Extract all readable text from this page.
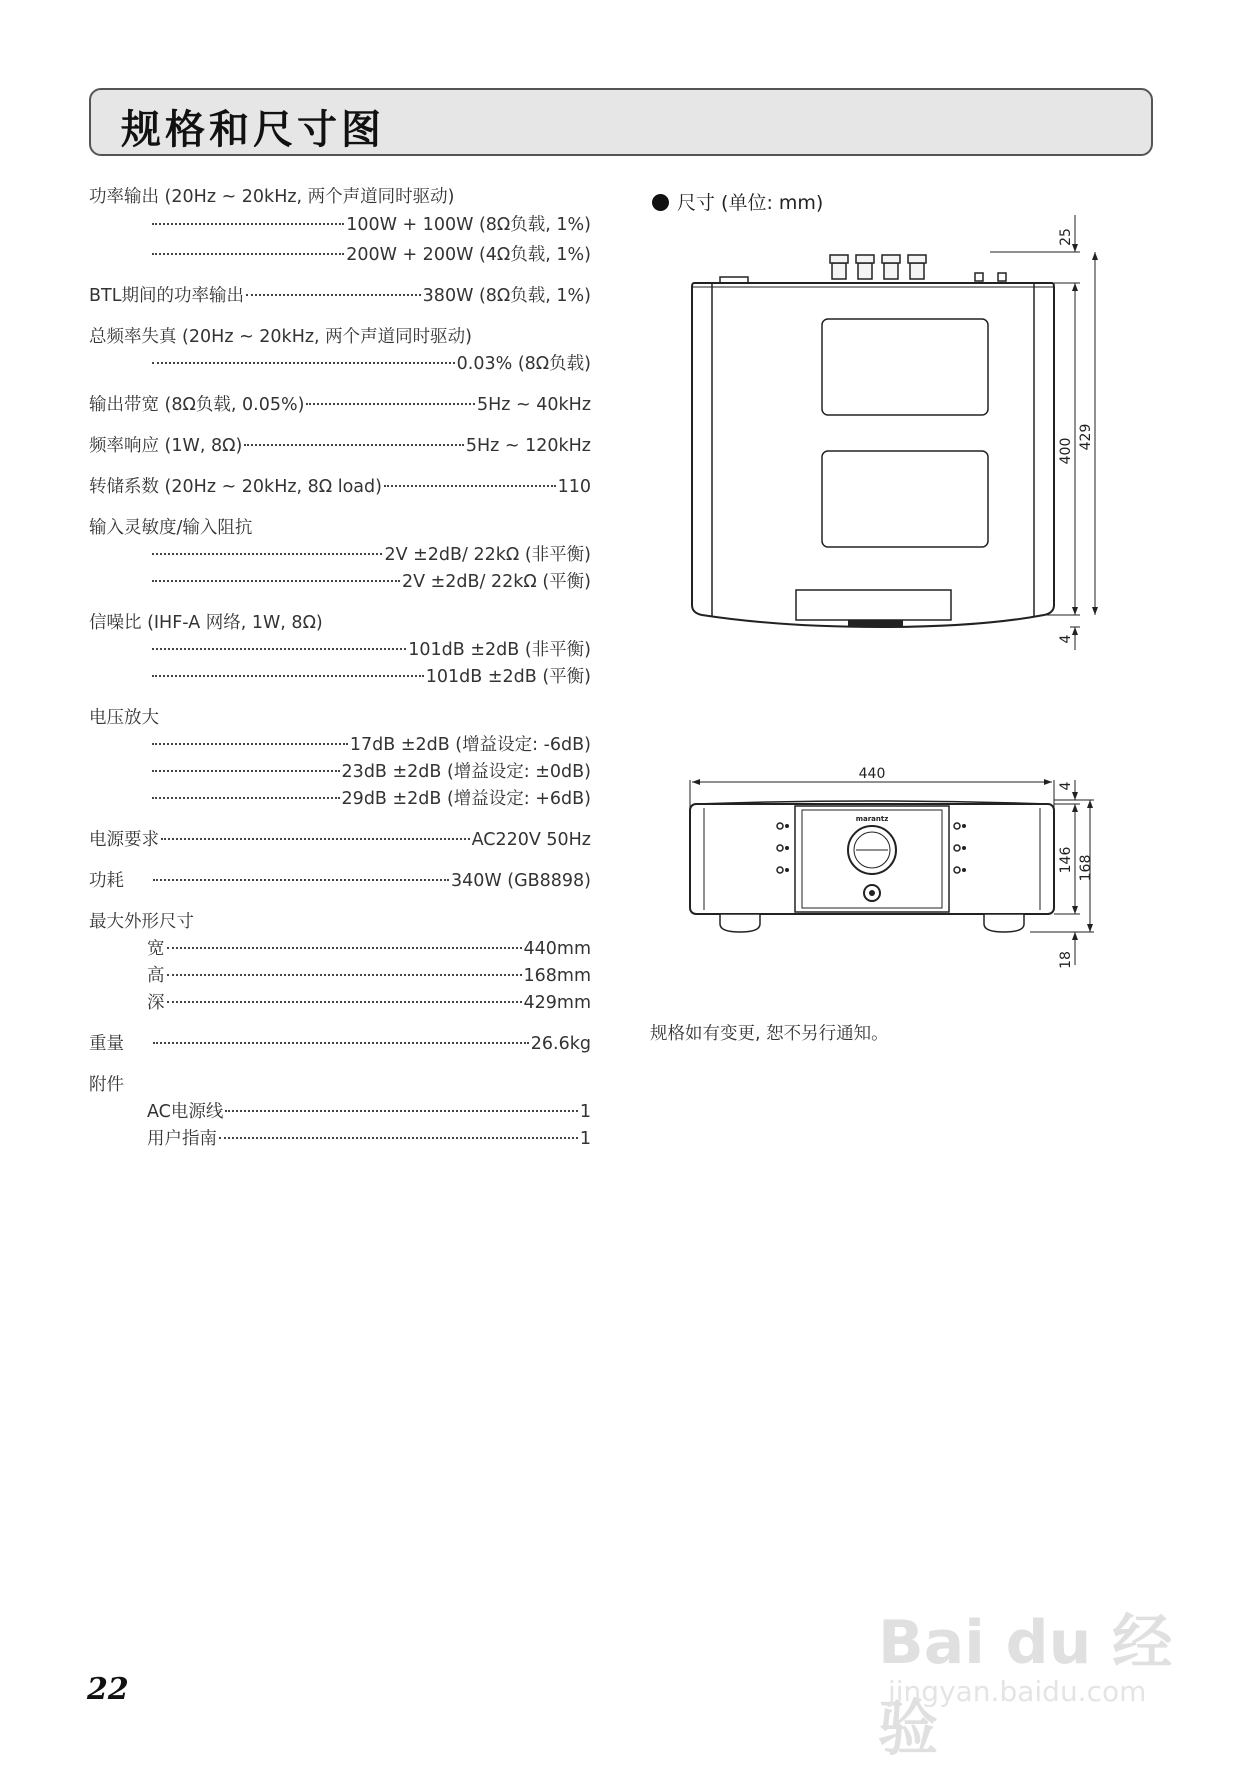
规格和尺寸图
功率输出 (20Hz ~ 20kHz, 两个声道同时驱动)
100W + 100W (8Ω负载, 1%)
200W + 200W (4Ω负载, 1%)
BTL期间的功率输出	380W (8Ω负载, 1%)
总频率失真 (20Hz ~ 20kHz, 两个声道同时驱动)
0.03% (8Ω负载)
输出带宽 (8Ω负载, 0.05%)	5Hz ~ 40kHz
频率响应 (1W, 8Ω)	5Hz ~ 120kHz
转储系数 (20Hz ~ 20kHz, 8Ω load)	110
输入灵敏度/输入阻抗
2V ±2dB/ 22kΩ (非平衡)
2V ±2dB/ 22kΩ (平衡)
信噪比 (IHF-A 网络, 1W, 8Ω)
101dB ±2dB (非平衡)
101dB ±2dB (平衡)
电压放大
17dB ±2dB (增益设定: -6dB)
23dB ±2dB (增益设定: ±0dB)
29dB ±2dB (增益设定: +6dB)
电源要求	AC220V 50Hz
功耗	340W (GB8898)
最大外形尺寸
宽	440mm
高	168mm
深	429mm
重量	26.6kg
附件
AC电源线	1
用户指南	1
尺寸 (单位: mm)
25
400
429
4
440
marantz
4
146 168
18
规格如有变更, 恕不另行通知。
22
Bai du 经验
jingyan.baidu.com
